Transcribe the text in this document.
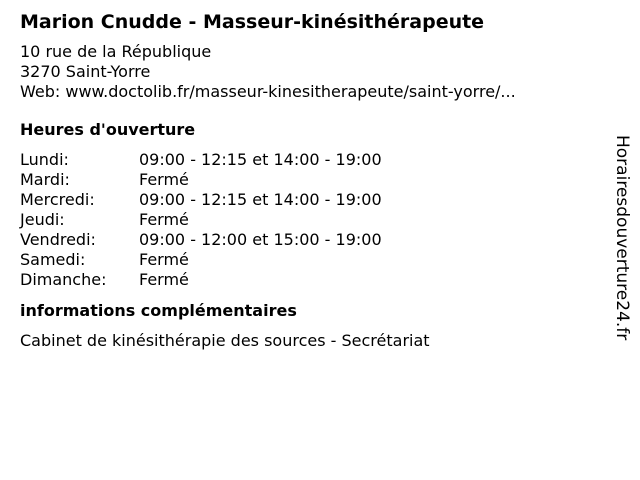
Marion Cnudde - Masseur-kinésithérapeute
10 rue de la République
3270 Saint-Yorre
Web: www.doctolib.fr/masseur-kinesitherapeute/saint-yorre/...
Heures d'ouverture
Lundi:	09:00 - 12:15 et 14:00 - 19:00
Mardi:	Fermé
Mercredi:	09:00 - 12:15 et 14:00 - 19:00
Jeudi:	Fermé
Vendredi:	09:00 - 12:00 et 15:00 - 19:00
Samedi:	Fermé
Dimanche:	Fermé
informations complémentaires
Cabinet de kinésithérapie des sources - Secrétariat
Horairesdouverture24.fr
